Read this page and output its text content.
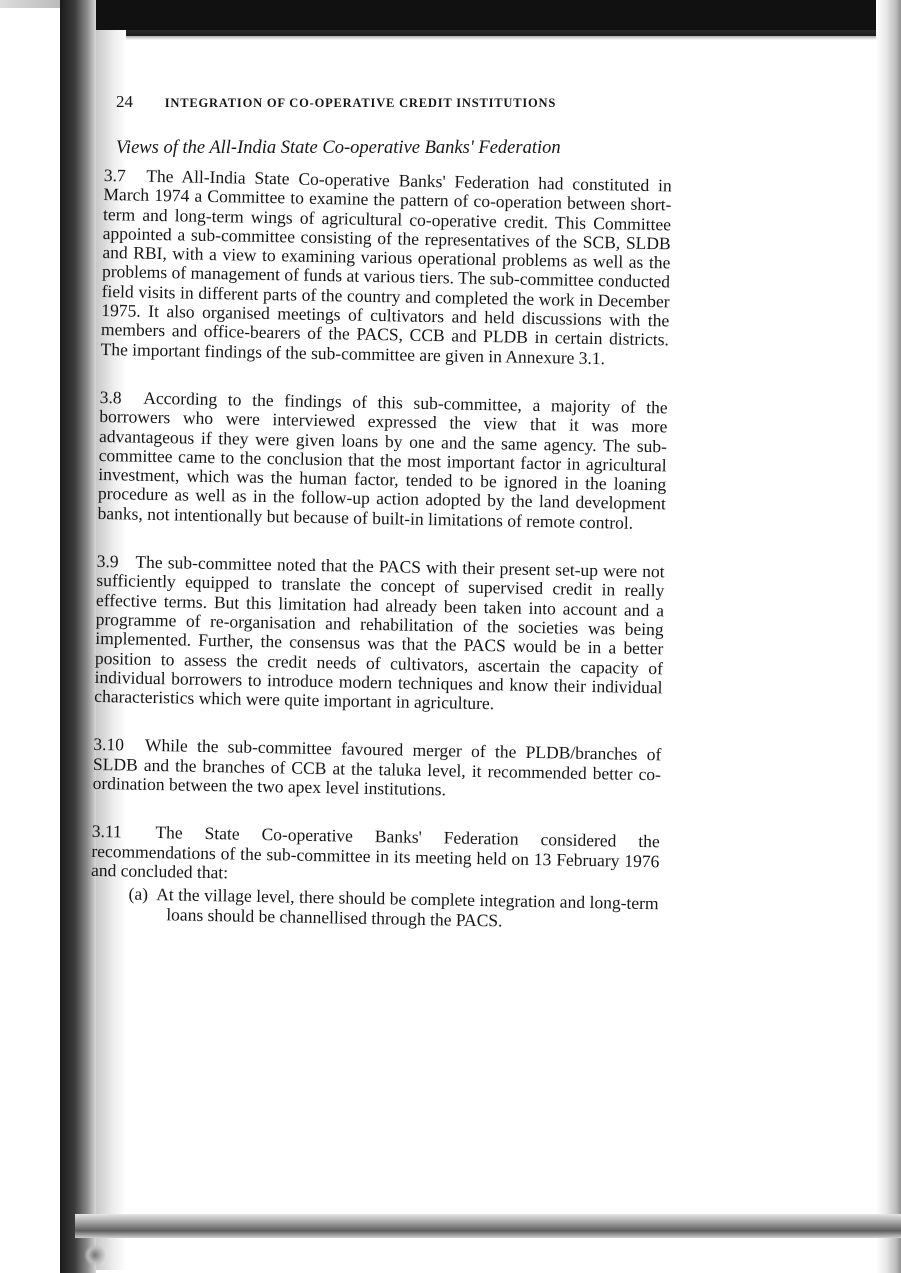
24	INTEGRATION OF CO-OPERATIVE CREDIT INSTITUTIONS
Views of the All-India State Co-operative Banks' Federation

3.7 The All-India State Co-operative Banks' Federation had constituted in March 1974 a Committee to examine the pattern of co-operation between short-term and long-term wings of agricultural co-operative credit. This Committee appointed a sub-committee consisting of the representatives of the SCB, SLDB and RBI, with a view to examining various operational problems as well as the problems of management of funds at various tiers. The sub-committee conducted field visits in different parts of the country and completed the work in December 1975. It also organised meetings of cultivators and held discussions with the members and office-bearers of the PACS, CCB and PLDB in certain districts. The important findings of the sub-committee are given in Annexure 3.1.

3.8 According to the findings of this sub-committee, a majority of the borrowers who were interviewed expressed the view that it was more advantageous if they were given loans by one and the same agency. The sub-committee came to the conclusion that the most important factor in agricultural investment, which was the human factor, tended to be ignored in the loaning procedure as well as in the follow-up action adopted by the land development banks, not intentionally but because of built-in limitations of remote control.

3.9 The sub-committee noted that the PACS with their present set-up were not sufficiently equipped to translate the concept of supervised credit in really effective terms. But this limitation had already been taken into account and a programme of re-organisation and rehabilitation of the societies was being implemented. Further, the consensus was that the PACS would be in a better position to assess the credit needs of cultivators, ascertain the capacity of individual borrowers to introduce modern techniques and know their individual characteristics which were quite important in agriculture.

3.10 While the sub-committee favoured merger of the PLDB/branches of SLDB and the branches of CCB at the taluka level, it recommended better co-ordination between the two apex level institutions.

3.11 The State Co-operative Banks' Federation considered the recommendations of the sub-committee in its meeting held on 13 February 1976 and concluded that:

(a) At the village level, there should be complete integration and long-term loans should be channellised through the PACS.
